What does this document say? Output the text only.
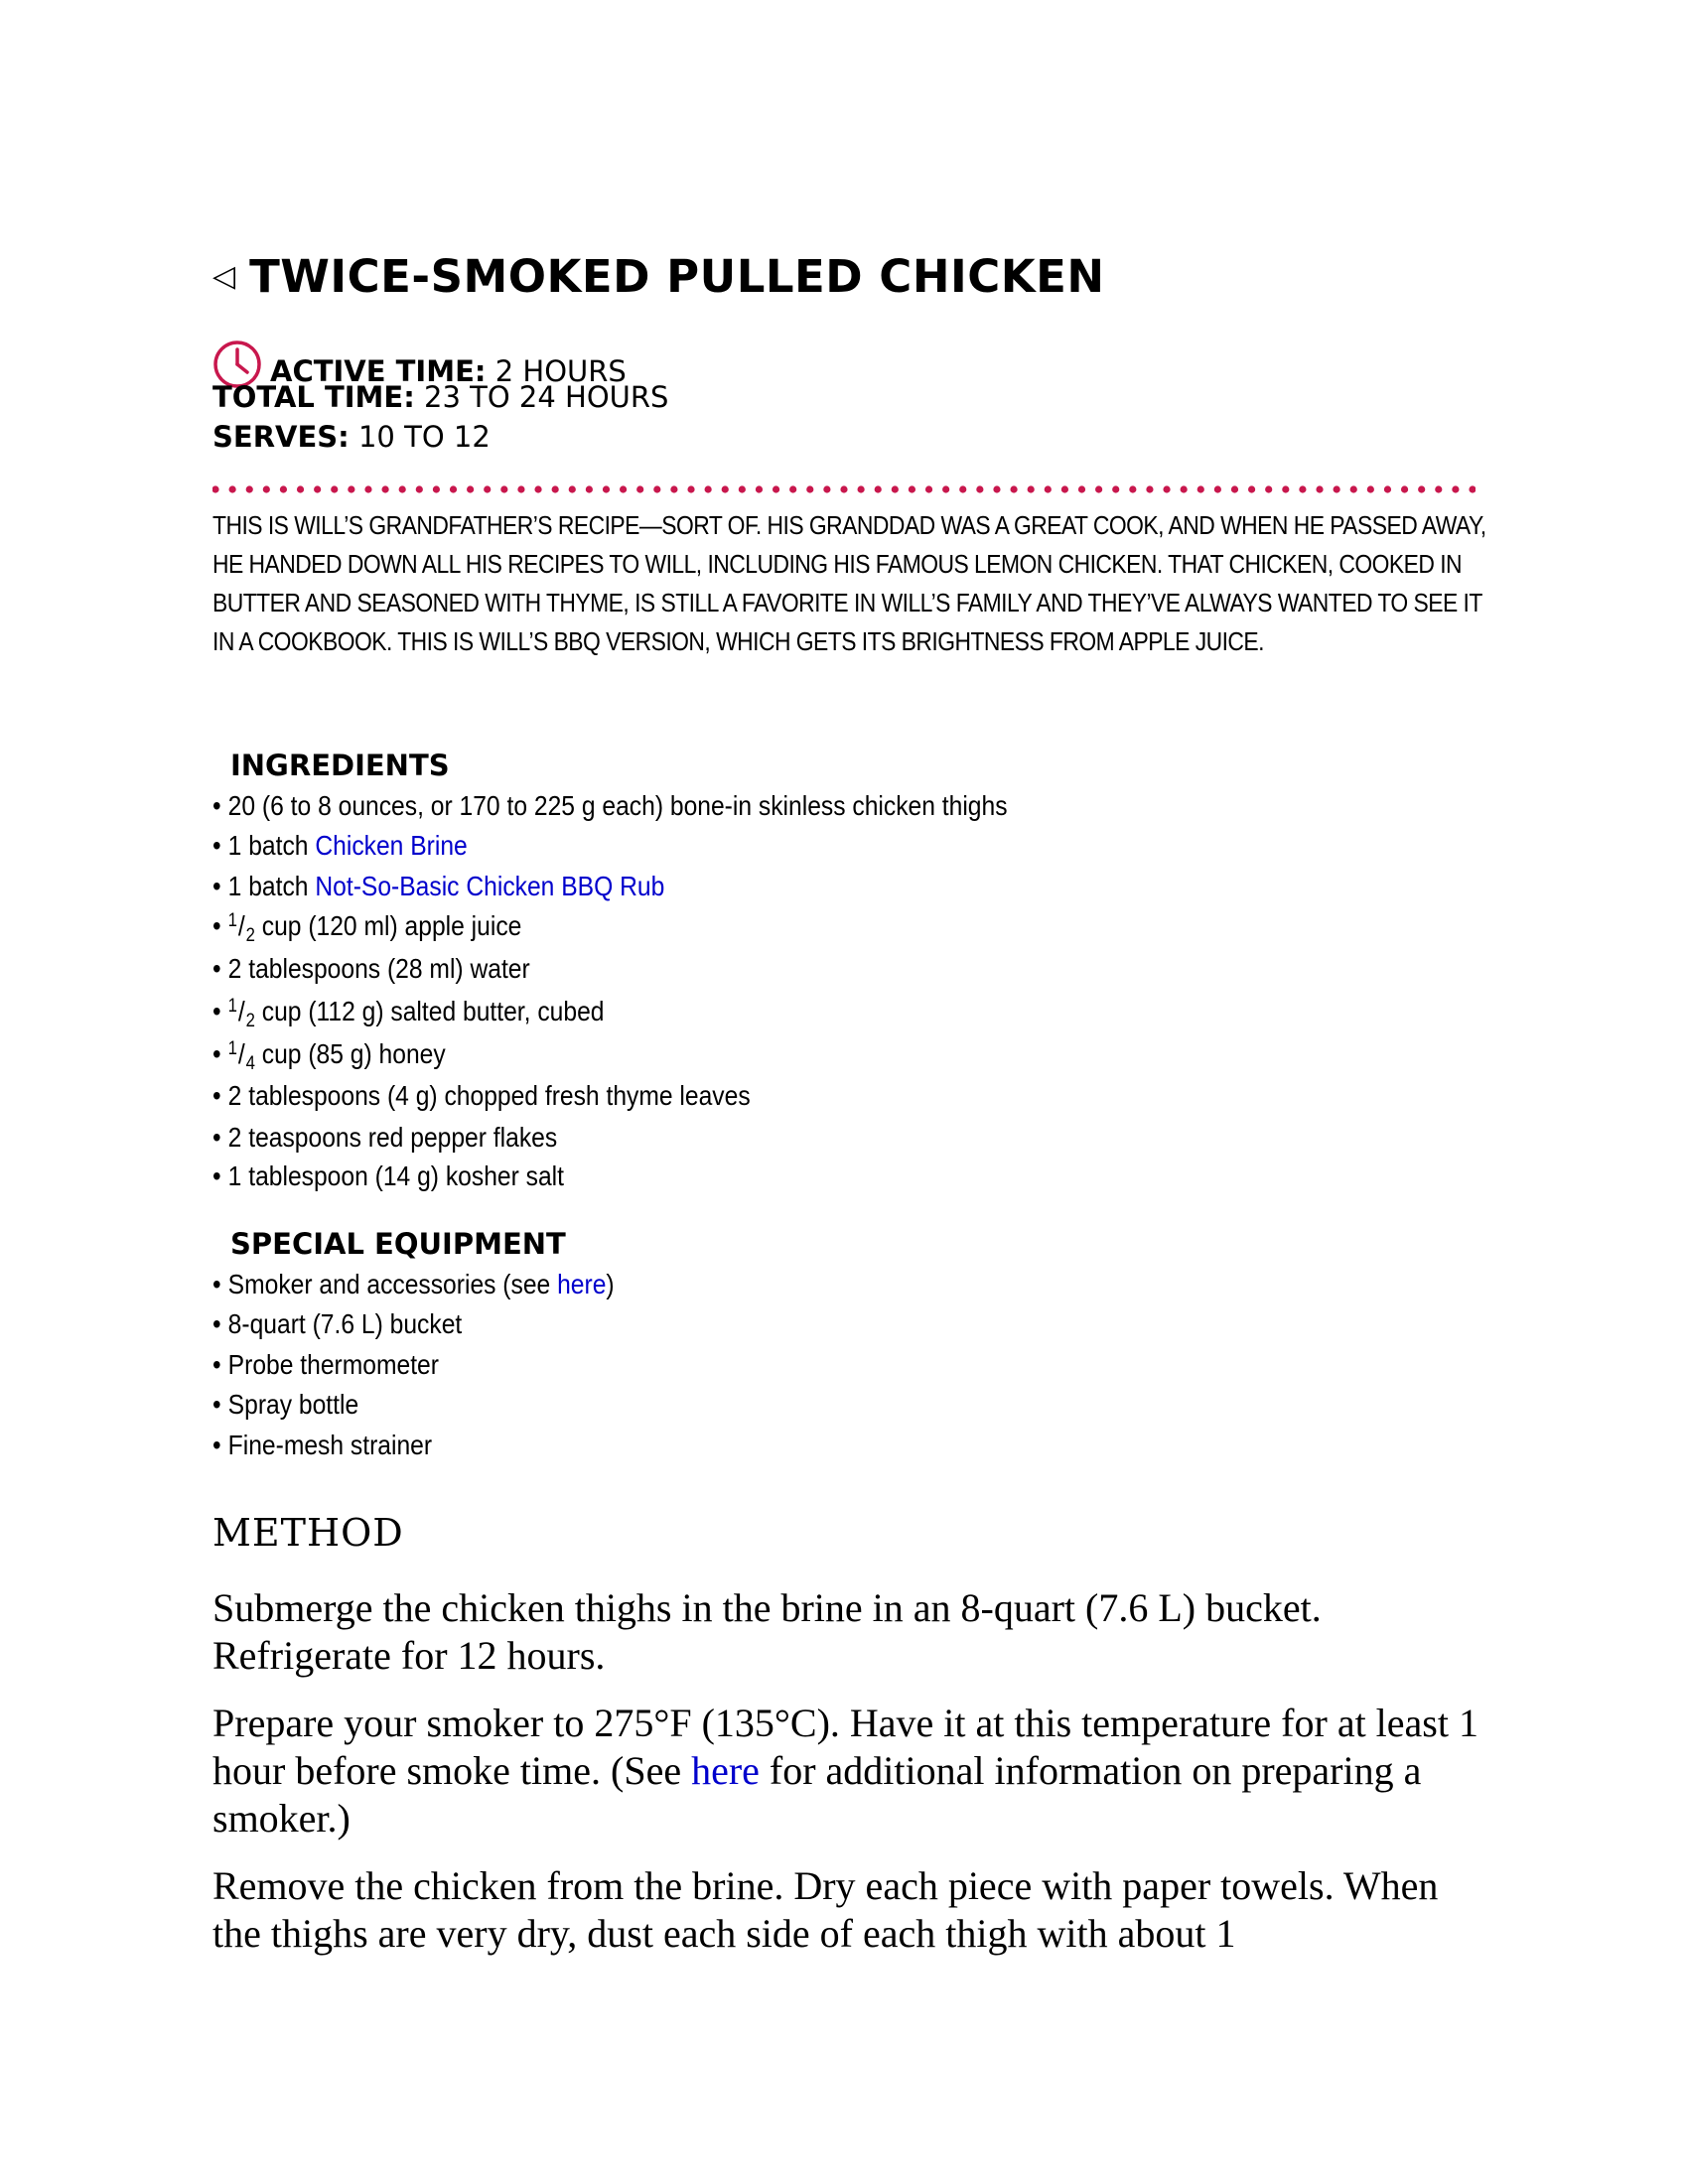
◁ TWICE-SMOKED PULLED CHICKEN
ACTIVE TIME: 2 HOURS
TOTAL TIME: 23 TO 24 HOURS
SERVES: 10 TO 12
THIS IS WILL’S GRANDFATHER’S RECIPE—SORT OF. HIS GRANDDAD WAS A GREAT COOK, AND WHEN HE PASSED AWAY, HE HANDED DOWN ALL HIS RECIPES TO WILL, INCLUDING HIS FAMOUS LEMON CHICKEN. THAT CHICKEN, COOKED IN BUTTER AND SEASONED WITH THYME, IS STILL A FAVORITE IN WILL’S FAMILY AND THEY’VE ALWAYS WANTED TO SEE IT IN A COOKBOOK. THIS IS WILL’S BBQ VERSION, WHICH GETS ITS BRIGHTNESS FROM APPLE JUICE.
INGREDIENTS
• 20 (6 to 8 ounces, or 170 to 225 g each) bone-in skinless chicken thighs
• 1 batch Chicken Brine
• 1 batch Not-So-Basic Chicken BBQ Rub
• $^1/_2$ cup (120 ml) apple juice
• 2 tablespoons (28 ml) water
• $^1/_2$ cup (112 g) salted butter, cubed
• $^1/_4$ cup (85 g) honey
• 2 tablespoons (4 g) chopped fresh thyme leaves
• 2 teaspoons red pepper flakes
• 1 tablespoon (14 g) kosher salt
SPECIAL EQUIPMENT
• Smoker and accessories (see here)
• 8-quart (7.6 L) bucket
• Probe thermometer
• Spray bottle
• Fine-mesh strainer
METHOD

Submerge the chicken thighs in the brine in an 8-quart (7.6 L) bucket. Refrigerate for 12 hours.

Prepare your smoker to 275°F (135°C). Have it at this temperature for at least 1 hour before smoke time. (See here for additional information on preparing a smoker.)

Remove the chicken from the brine. Dry each piece with paper towels. When the thighs are very dry, dust each side of each thigh with about 1
